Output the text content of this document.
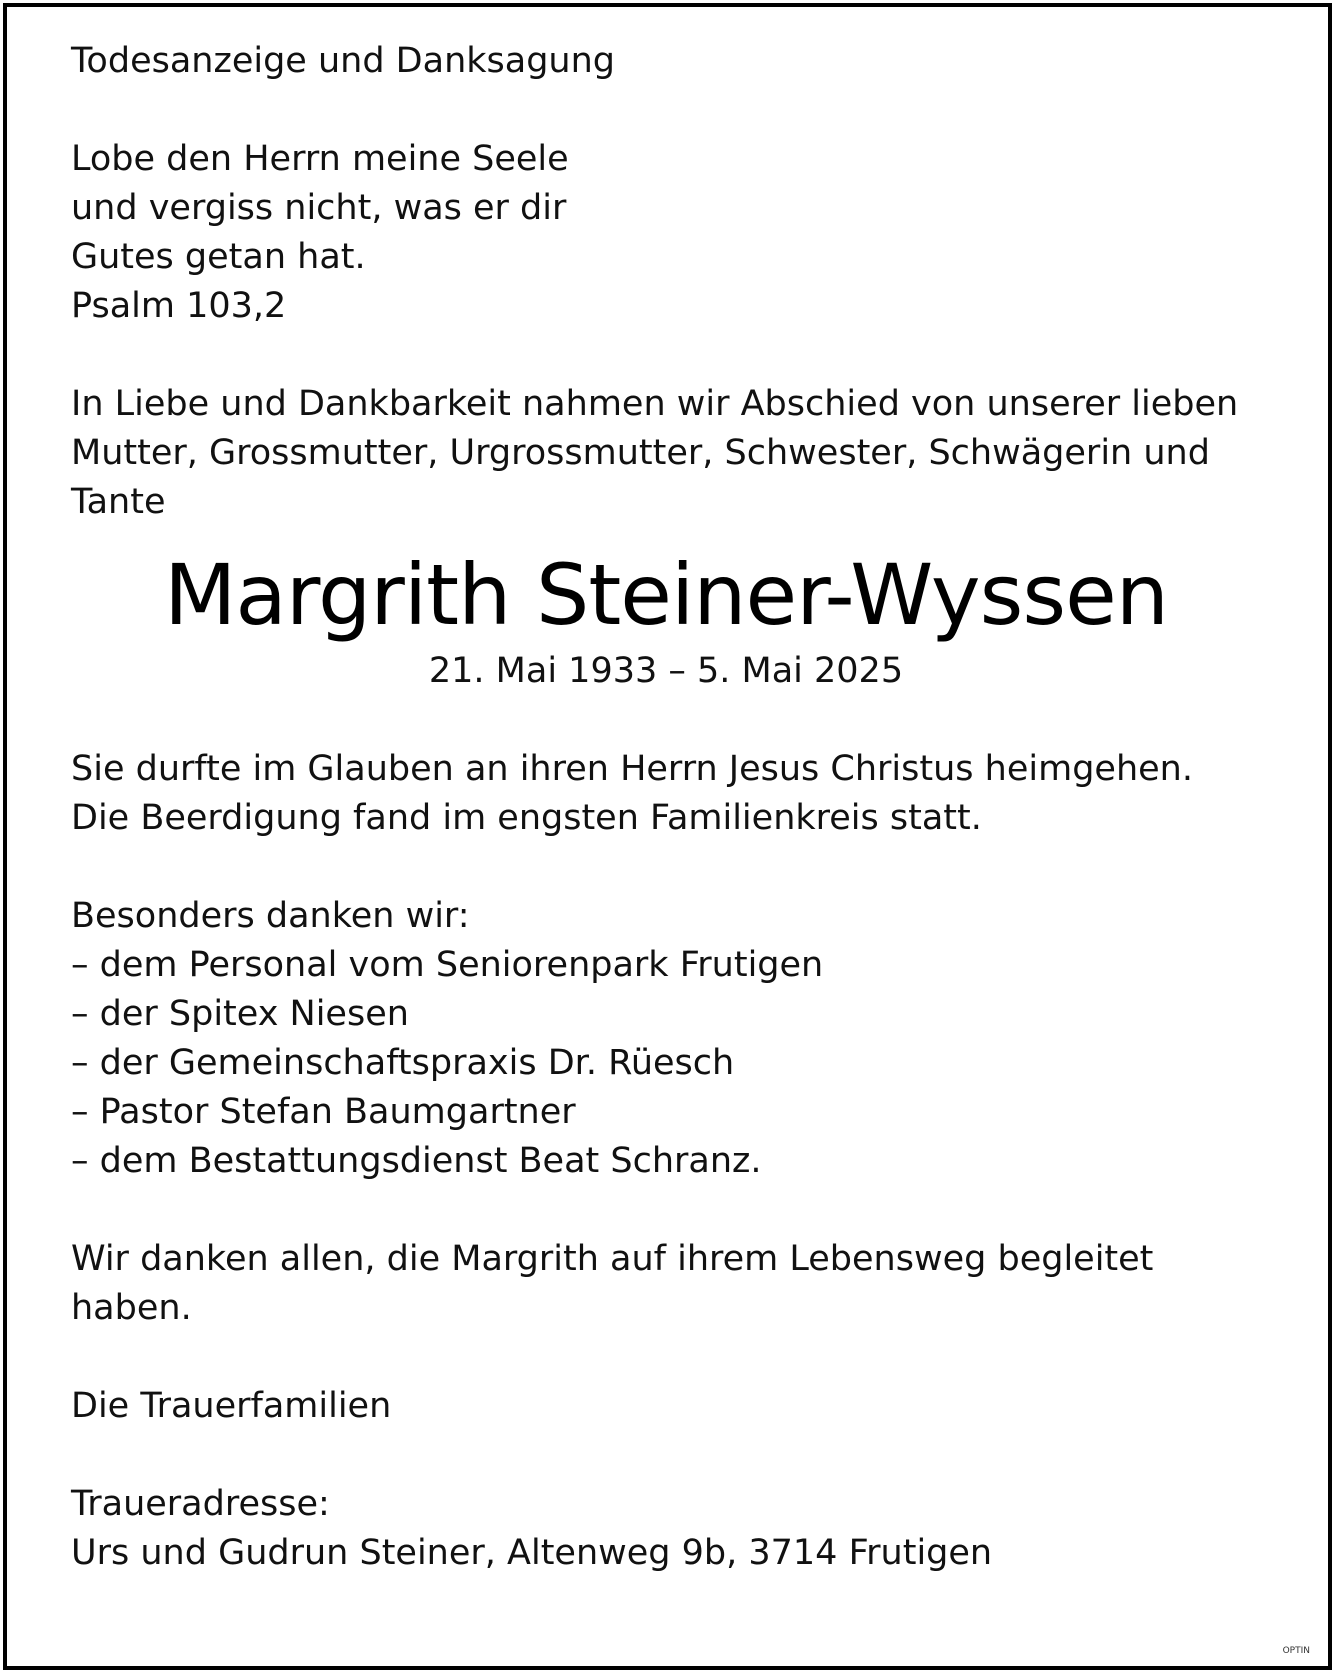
Todesanzeige und Danksagung
Lobe den Herrn meine Seele
und vergiss nicht, was er dir
Gutes getan hat.
Psalm 103,2
In Liebe und Dankbarkeit nahmen wir Abschied von unserer lieben
Mutter, Grossmutter, Urgrossmutter, Schwester, Schwägerin und
Tante
Margrith Steiner-Wyssen
21. Mai 1933 – 5. Mai 2025
Sie durfte im Glauben an ihren Herrn Jesus Christus heimgehen.
Die Beerdigung fand im engsten Familienkreis statt.
Besonders danken wir:
– dem Personal vom Seniorenpark Frutigen
– der Spitex Niesen
– der Gemeinschaftspraxis Dr. Rüesch
– Pastor Stefan Baumgartner
– dem Bestattungsdienst Beat Schranz.
Wir danken allen, die Margrith auf ihrem Lebensweg begleitet
haben.
Die Trauerfamilien
Traueradresse:
Urs und Gudrun Steiner, Altenweg 9b, 3714 Frutigen
OPTIN
